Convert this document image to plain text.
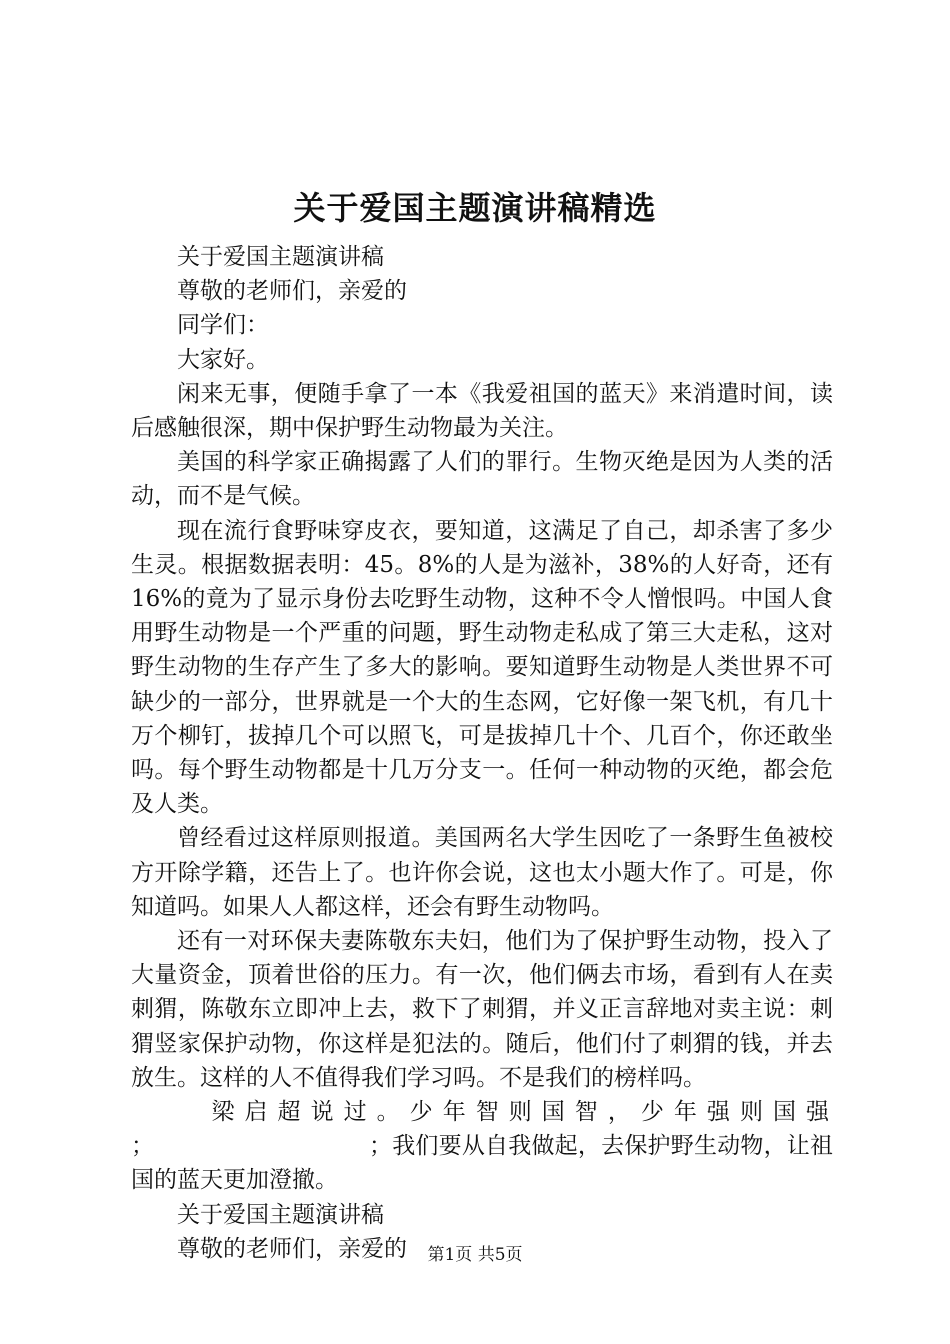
关于爱国主题演讲稿精选

关于爱国主题演讲稿

尊敬的老师们，亲爱的

同学们：

大家好。

闲来无事，便随手拿了一本《我爱祖国的蓝天》来消遣时间，读后感触很深，期中保护野生动物最为关注。

美国的科学家正确揭露了人们的罪行。生物灭绝是因为人类的活动，而不是气候。

现在流行食野味穿皮衣，要知道，这满足了自己，却杀害了多少生灵。根据数据表明：45。8%的人是为滋补，38%的人好奇，还有16%的竟为了显示身份去吃野生动物，这种不令人憎恨吗。中国人食用野生动物是一个严重的问题，野生动物走私成了第三大走私，这对野生动物的生存产生了多大的影响。要知道野生动物是人类世界不可缺少的一部分，世界就是一个大的生态网，它好像一架飞机，有几十万个柳钉，拔掉几个可以照飞，可是拔掉几十个、几百个，你还敢坐吗。每个野生动物都是十几万分支一。任何一种动物的灭绝，都会危及人类。

曾经看过这样原则报道。美国两名大学生因吃了一条野生鱼被校方开除学籍，还告上了。也许你会说，这也太小题大作了。可是，你知道吗。如果人人都这样，还会有野生动物吗。

还有一对环保夫妻陈敬东夫妇，他们为了保护野生动物，投入了大量资金，顶着世俗的压力。有一次，他们俩去市场，看到有人在卖刺猬，陈敬东立即冲上去，救下了刺猬，并义正言辞地对卖主说：刺猬竖家保护动物，你这样是犯法的。随后，他们付了刺猬的钱，并去放生。这样的人不值得我们学习吗。不是我们的榜样吗。

梁启超说过。少年智则国智，少年强则国强

；	；我们要从自我做起，去保护野生动物，让祖国的蓝天更加澄撤。

关于爱国主题演讲稿

尊敬的老师们，亲爱的	第1页 共5页
